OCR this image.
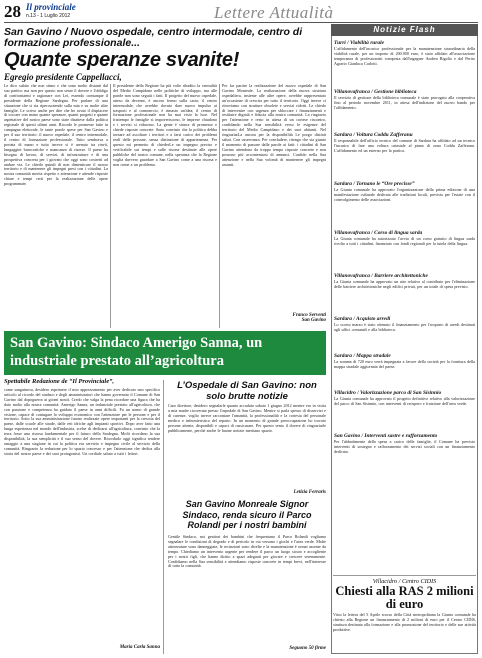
28 Il provinciale
n.13 - 1 Luglio 2012	Lettere Attualità
San Gavino / Nuovo ospedale, centro intermodale, centro di formazione professionale...
Quante speranze svanite!
Egregio presidente Cappellacci,
Le dico subito che non stimo e che sono molto distanti dal suo partito: ma non per questo non sento il dovere e l'obbligo di confrontarmi e ragionare con Lei, essendo comunque il presidente della Regione Sardegna. Per parlare di una situazione che si sta ripercuotendo sulla mia e su molte altre famiglie. Le scrivo anche per dire che ho avuto il dispiacere di toccare con mano quante speranze, quanti progetti e quante aspettative del nostro paese sono state disattese dalla politica regionale di questi ultimi anni. Ricordo le promesse fatte in campagna elettorale, le tante parole spese per San Gavino e per il suo territorio: il nuovo ospedale, il centro intermodale, il centro di formazione professionale. Tutto sembrava a portata di mano e tutto invece si è arenato tra rinvii, lungaggini burocratiche e mancanza di risorse. Il paese ha bisogno di lavoro, di servizi, di infrastrutture e di una prospettiva concreta per i giovani che oggi sono costretti ad andare via. Le chiedo quindi di non dimenticare il nostro territorio e di mantenere gli impegni presi con i cittadini. La nostra comunità merita rispetto e attenzione e attende risposte chiare e tempi certi per la realizzazione delle opere programmate.
Il presidente della Regione ha più volte ribadito la centralità del Medio Campidano nelle politiche di sviluppo, ma alle parole non sono seguiti i fatti. Il progetto del nuovo ospedale, atteso da decenni, è ancora fermo sulla carta; il centro intermodale, che avrebbe dovuto dare nuovo impulso ai trasporti e al commercio, è rimasto un'idea; il centro di formazione professionale non ha mai visto la luce. Nel frattempo le famiglie si impoveriscono, le imprese chiudono e i servizi si riducono. La gente è stanca di promesse e chiede risposte concrete. Sono convinto che la politica debba tornare ad ascoltare i territori e a farsi carico dei problemi reali delle persone, senza distinzione di appartenenza. Per questo mi permetto di chiederLe un impegno preciso e verificabile sui tempi e sulle risorse destinate alle opere pubbliche del nostro comune, nella speranza che la Regione voglia davvero guardare a San Gavino come a una risorsa e non come a un problema.
Per far partire la realizzazione del nuovo ospedale di San Gavino Monreale. La realizzazione della nuova struttura ospedaliera, insieme alle altre opere, avrebbe rappresentato un'occasione di crescita per tutto il territorio. Oggi invece ci ritroviamo con strutture obsolete e servizi ridotti. Le chiedo di intervenire con urgenza per sbloccare i finanziamenti e restituire dignità e fiducia alla nostra comunità. La ringrazio per l'attenzione e resto in attesa di un cortese riscontro, confidando nella Sua sensibilità verso le esigenze del territorio del Medio Campidano e dei suoi abitanti. Nel ringraziarLa ancora per la disponibilità Le porgo distinti saluti. Con osservanza. Per concludere, ritengo che sia giunto il momento di passare dalle parole ai fatti: i cittadini di San Gavino attendono da troppo tempo risposte concrete e non possono più accontentarsi di annunci. Confido nella Sua attenzione e nella Sua volontà di mantenere gli impegni assunti.
Franco Serventi
San Gavino
San Gavino: Sindaco Amerigo Sanna, un industriale prestato all’agricoltura
Spettabile Redazione de “Il Provinciale”,
come sanguinosa, desidero esprimere il mio apprezzamento per aver dedicato uno specifico articolo al ricordo del sindaco e degli amministratori che hanno governato il Comune di San Gavino dal dopoguerra ai giorni nostri. Credo che valga la pena ricordare una figura che ha dato molto alla nostra comunità: Amerigo Sanna, un industriale prestato all'agricoltura, che con passione e competenza ha guidato il paese in anni difficili. Fu un uomo di grande visione, capace di coniugare lo sviluppo economico con l'attenzione per le persone e per il territorio. Sotto la sua amministrazione furono realizzate opere importanti per la crescita del paese, dalle scuole alle strade, dalle reti idriche agli impianti sportivi. Dopo aver fatto una lunga esperienza nel mondo dell'industria, scelse di dedicarsi all'agricoltura, convinto che la terra fosse una risorsa fondamentale per il futuro della Sardegna. Molti ricordano la sua disponibilità, la sua semplicità e il suo senso del dovere. Ricordarlo oggi significa rendere omaggio a una stagione in cui la politica era servizio e impegno civile al servizio della comunità. Ringrazio la redazione per lo spazio concesso e per l'attenzione che dedica alla storia del nostro paese e dei suoi protagonisti. Un cordiale saluto a tutti i lettori.
Maria Carla Sanna
L’Ospedale di San Gavino: non solo brutte notizie
Caro direttore, desidero segnalarle quanto accaduto sabato 1 giugno 2012 mentre ero in visita a mia madre ricoverata presso l'ospedale di San Gavino. Mentre si parla spesso di disservizi e di carenze, voglio invece raccontare l'umanità, la professionalità e la cortesia del personale medico e infermieristico del reparto. In un momento di grande preoccupazione ho trovato persone attente, disponibili e capaci di rassicurare. Per questo sento il dovere di ringraziarle pubblicamente, perché anche le buone notizie meritano spazio.
Letizia Ferraris
San Gavino Monreale Signor Sindaco, renda sicuro il Parco Rolandi per i nostri bambini
Gentile Sindaco, noi genitori dei bambini che frequentano il Parco Rolandi vogliamo segnalare le condizioni di degrado e di pericolo in cui versano i giochi e l'area verde. Molte attrezzature sono danneggiate, le recinzioni sono divelte e la manutenzione è ormai assente da tempo. Chiediamo un intervento urgente per rendere il parco un luogo sicuro e accogliente per i nostri figli, che hanno diritto a spazi adeguati per giocare e crescere serenamente. Confidiamo nella Sua sensibilità e attendiamo risposte concrete in tempi brevi, nell'interesse di tutta la comunità.
Seguono 50 firme
Notizie Flash
Turri / Viabilità rurale
L'affidamento dell'incarico professionale per la manutenzione straordinaria della viabilità rurale, per un importo di 200.000 euro, è stato affidato all'associazione temporanea di professionisti composta dall'ingegner Andrea Bigolio e dal Perito Agrario Gianluca Carlotti.
Villanovafranca / Gestione biblioteca
Il servizio di gestione della biblioteca comunale è stato prorogato alla cooperativa fino al periodo novembre 2011, in attesa dell'indizione del nuovo bando per l'affidamento.
Sardara / Voltura Coddu Zafferanu
Il responsabile dell'ufficio tecnico del comune di Sardara ha affidato ad un tecnico l'incarico di fare una voltura catastale al piano di zona Coddu Zafferanu. L'affidamento ed un esterno per la pratica.
Sardara / Tornano le “Ore precisse”
La Giunta comunale ha approvato l'organizzazione della prima edizione di una manifestazione culturale dedicata alle tradizioni locali, prevista per l'estate con il coinvolgimento delle associazioni.
Villanovafranca / Corso di lingua sarda
La Giunta comunale ha autorizzato l'avvio di un corso gratuito di lingua sarda rivolto a tutti i cittadini, finanziato con fondi regionali per la tutela della lingua.
Villanovafranca / Barriere architettoniche
La Giunta comunale ha approvato un atto relativo al contributo per l'eliminazione delle barriere architettoniche negli edifici privati, per un totale di spesa previsto.
Sardara / Acquisto arredi
Lo scorso marzo è stato ottenuto il finanziamento per l'acquisto di arredi destinati agli uffici comunali e alla biblioteca.
Sardara / Mappa stradale
La somma di 720 euro verrà impegnata a favore della società per la fornitura della mappa stradale aggiornata del paese.
Villacidro / Valorizzazione parco di San Sisinnio
La Giunta comunale ha approvato il progetto definitivo relativo alla valorizzazione del parco di San Sisinnio, con interventi di recupero e fruizione dell'area verde.
San Gavino / Interventi sastre e rafforzamento
Per l'abbattimento della spesa a carico delle famiglie, il Comune ha previsto interventi di sostegno e rafforzamento dei servizi sociali con un finanziamento dedicato.
Villacidro / Centro CIDIS
Chiesti alla RAS 2 milioni di euro
Visto la lettera del 5 Aprile scorso della Città metropolitana la Giunta comunale ha chiesto alla Regione un finanziamento di 2 milioni di euro per il Centro CIDIS, struttura destinata alla formazione e alla promozione del territorio e delle sue attività produttive.
